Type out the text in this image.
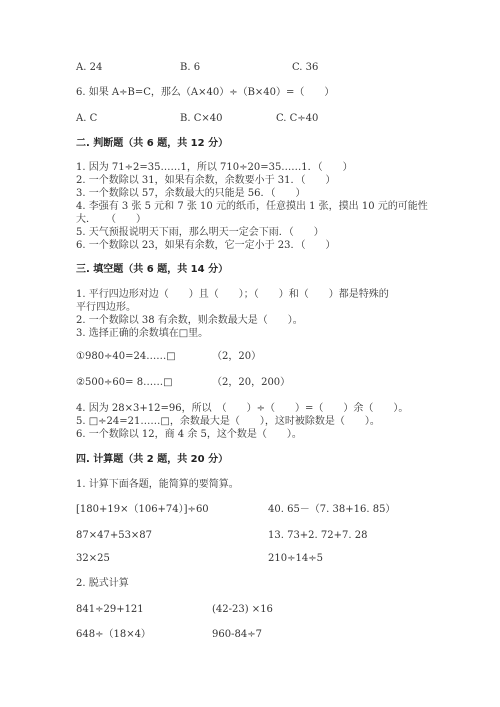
A. 24	B. 6	C. 36
6. 如果 A÷B=C，那么（A×40）÷（B×40）=（　　）
A. C	B. C×40	C. C÷40
二. 判断题（共 6 题，共 12 分）
1. 因为 71÷2=35……1，所以 710÷20=35……1．（　　）
2. 一个数除以 31，如果有余数，余数要小于 31．（　　）
3. 一个数除以 57，余数最大的只能是 56．（　　）
4. 李强有 3 张 5 元和 7 张 10 元的纸币，任意摸出 1 张，摸出 10 元的可能性
大．　　（　　）
5. 天气预报说明天下雨，那么明天一定会下雨．（　　）
6. 一个数除以 23，如果有余数，它一定小于 23．（　　）
三. 填空题（共 6 题，共 14 分）
1. 平行四边形对边（　　）且（　　）；（　　）和（　　）都是特殊的
平行四边形。
2. 一个数除以 38 有余数，则余数最大是（　　）。
3. 选择正确的余数填在□里。
①980÷40=24……□	（2，20）
②500÷60= 8……□	（2，20，200）
4. 因为 28×3+12=96，所以　（　　）÷（　　）=（　　）余（　　）。
5. □÷24=21……□，余数最大是（　　），这时被除数是（　　）。
6. 一个数除以 12，商 4 余 5，这个数是（　　）。
四. 计算题（共 2 题，共 20 分）
1. 计算下面各题，能简算的要简算。
[180+19×（106+74）]÷60	40. 65－（7. 38+16. 85）
87×47+53×87	13. 73+2. 72+7. 28
32×25	210÷14÷5
2. 脱式计算
841÷29+121	(42-23) ×16
648÷（18×4）	960-84÷7
